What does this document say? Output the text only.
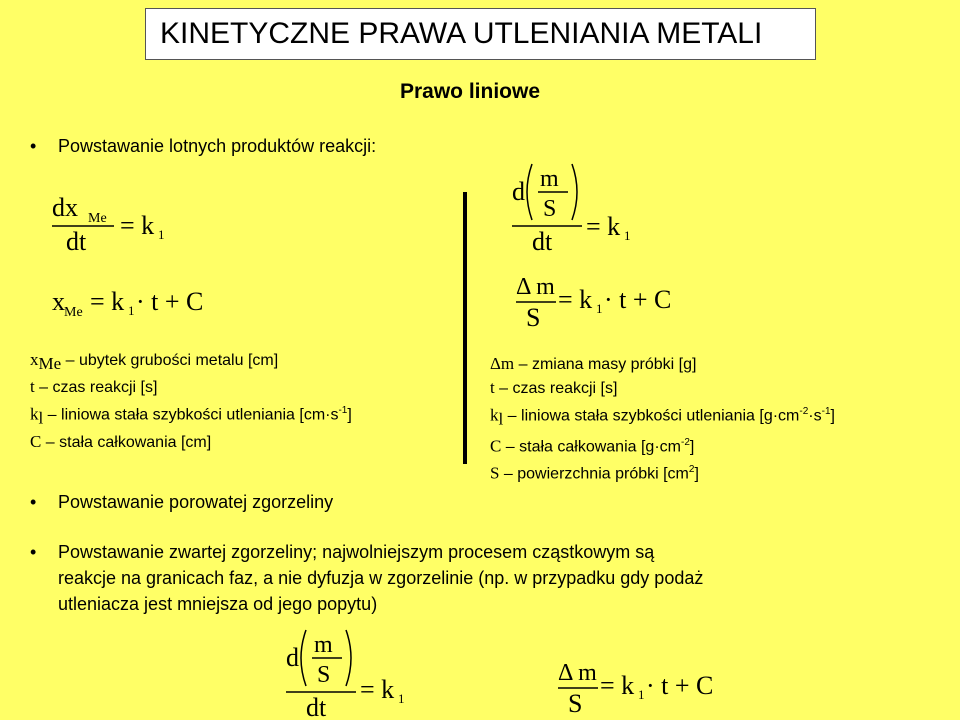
KINETYCZNE PRAWA UTLENIANIA METALI
Prawo liniowe
• Powstawanie lotnych produktów reakcji:
dx Me
dt
= k 1
x Me = k 1 · t + C
$x_{Me}$ – ubytek grubości metalu [cm]
t – czas reakcji [s]
$k_l$ – liniowa stała szybkości utleniania $[cm\cdot s^{-1}]$
C – stała całkowania [cm]
d m
S
dt
= k 1
Δ m
S
= k 1 · t + C
Δm – zmiana masy próbki [g]
t – czas reakcji [s]
$k_l$ – liniowa stała szybkości utleniania $[g\cdot cm^{-2}\cdot s^{-1}]$
C – stała całkowania $[g\cdot cm^{-2}]$
S – powierzchnia próbki $[cm^2]$
• Powstawanie porowatej zgorzeliny
• Powstawanie zwartej zgorzeliny; najwolniejszym procesem cząstkowym są
reakcje na granicach faz, a nie dyfuzja w zgorzelinie (np. w przypadku gdy podaż
utleniacza jest mniejsza od jego popytu)
d m
S
dt
= k 1
Δ m
S
= k 1 · t + C
